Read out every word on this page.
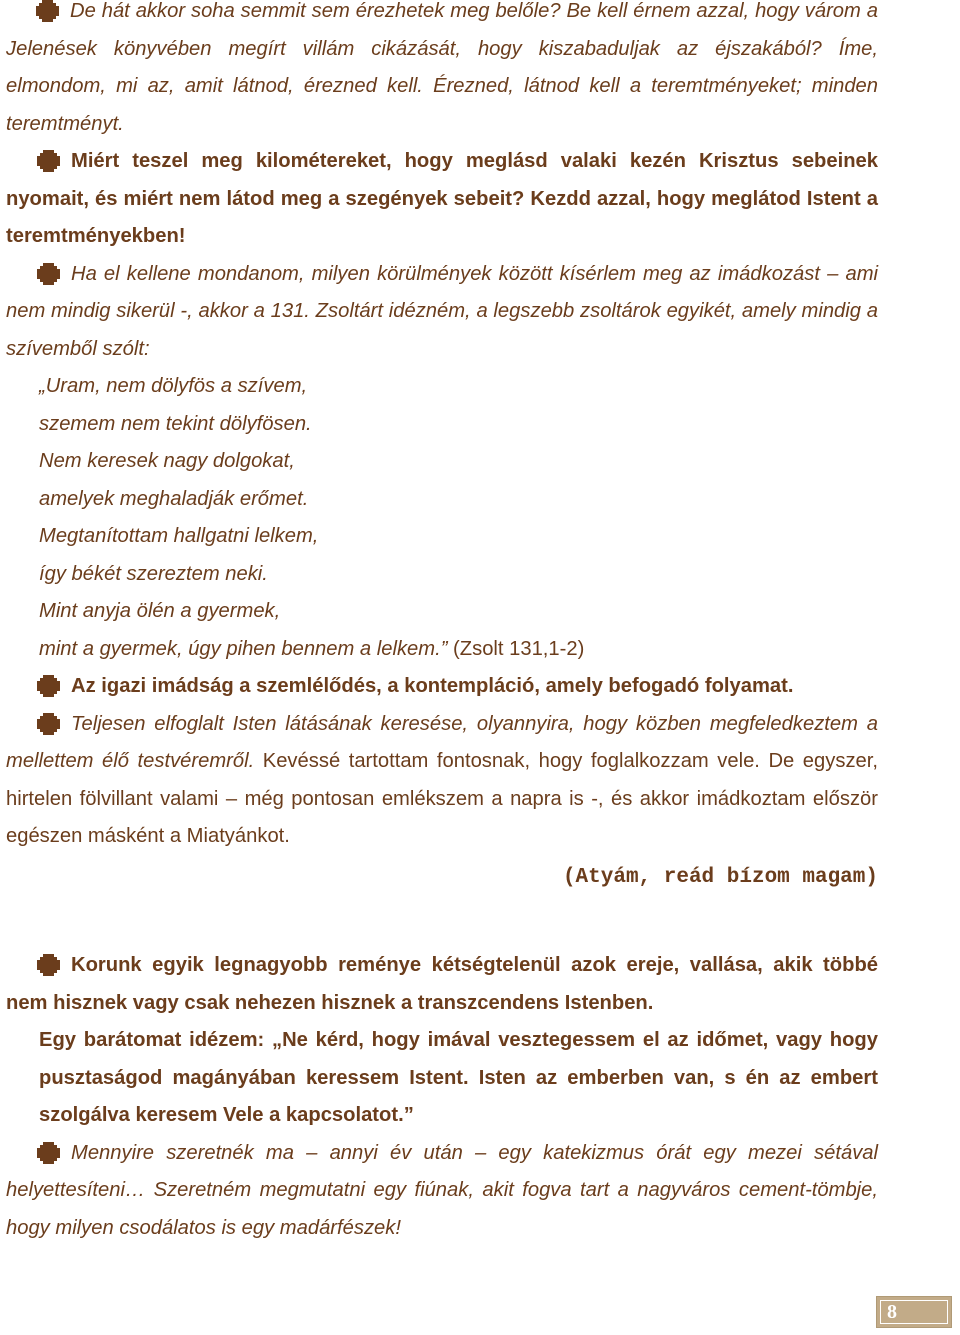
De hát akkor soha semmit sem érezhetek meg belőle? Be kell érnem azzal, hogy várom a Jelenések könyvében megírt villám cikázását, hogy kiszabaduljak az éjszakából? Íme, elmondom, mi az, amit látnod, érezned kell. Érezned, látnod kell a teremtményeket; minden teremtményt.

Miért teszel meg kilométereket, hogy meglásd valaki kezén Krisztus sebeinek nyomait, és miért nem látod meg a szegények sebeit? Kezdd azzal, hogy meglátod Istent a teremtményekben!

Ha el kellene mondanom, milyen körülmények között kísérlem meg az imádkozást – ami nem mindig sikerül -, akkor a 131. Zsoltárt idézném, a legszebb zsoltárok egyikét, amely mindig a szívemből szólt:

„Uram, nem dölyfös a szívem,
szemem nem tekint dölyfösen.
Nem keresek nagy dolgokat,
amelyek meghaladják erőmet.
Megtanítottam hallgatni lelkem,
így békét szereztem neki.
Mint anyja ölén a gyermek,
mint a gyermek, úgy pihen bennem a lelkem.” (Zsolt 131,1-2)

Az igazi imádság a szemlélődés, a kontempláció, amely befogadó folyamat.

Teljesen elfoglalt Isten látásának keresése, olyannyira, hogy közben megfeledkeztem a mellettem élő testvéremről. Kevéssé tartottam fontosnak, hogy foglalkozzam vele. De egyszer, hirtelen fölvillant valami – még pontosan emlékszem a napra is -, és akkor imádkoztam először egészen másként a Miatyánkot.

(Atyám, reád bízom magam)

Korunk egyik legnagyobb reménye kétségtelenül azok ereje, vallása, akik többé nem hisznek vagy csak nehezen hisznek a transzcendens Istenben.

Egy barátomat idézem: „Ne kérd, hogy imával vesztegessem el az időmet, vagy hogy pusztaságod magányában keressem Istent. Isten az emberben van, s én az embert szolgálva keresem Vele a kapcsolatot.”

Mennyire szeretnék ma – annyi év után – egy katekizmus órát egy mezei sétával helyettesíteni… Szeretném megmutatni egy fiúnak, akit fogva tart a nagyváros cement-tömbje, hogy milyen csodálatos is egy madárfészek!

8
